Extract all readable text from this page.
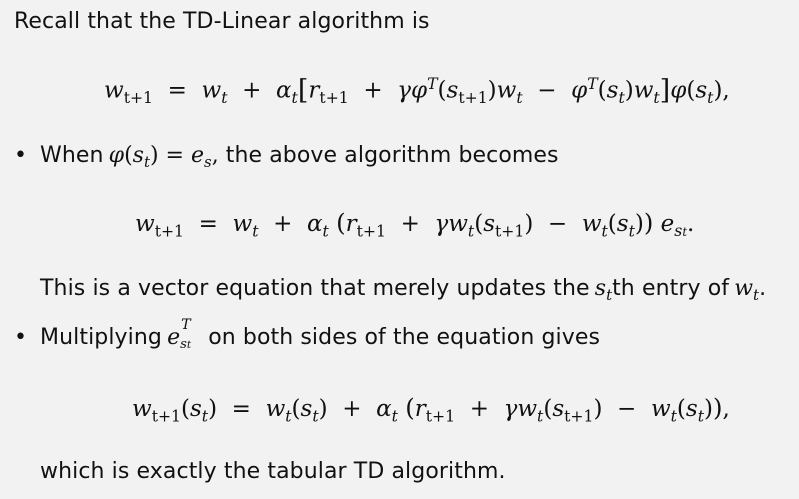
Recall that the TD-Linear algorithm is
$w_{t+1} = w_t + \alpha_t[r_{t+1} + \gamma\varphi^T(s_{t+1})w_t - \varphi^T(s_t)w_t]\varphi(s_t)$,
• When $\varphi(s_t) = e_s$, the above algorithm becomes
$w_{t+1} = w_t + \alpha_t$ $(r_{t+1} + \gamma w_t(s_{t+1}) - w_t(s_t))$ $e_{st}$.
This is a vector equation that merely updates the $s_tth$ entry of $w_t$.
• Multiplying e T
st on both sides of the equation gives
$w_{t+1}(s_t) = w_t(s_t) + \alpha_t$ $(r_{t+1} + \gamma w_t(s_{t+1}) - w_t(s_t))$,
which is exactly the tabular TD algorithm.
